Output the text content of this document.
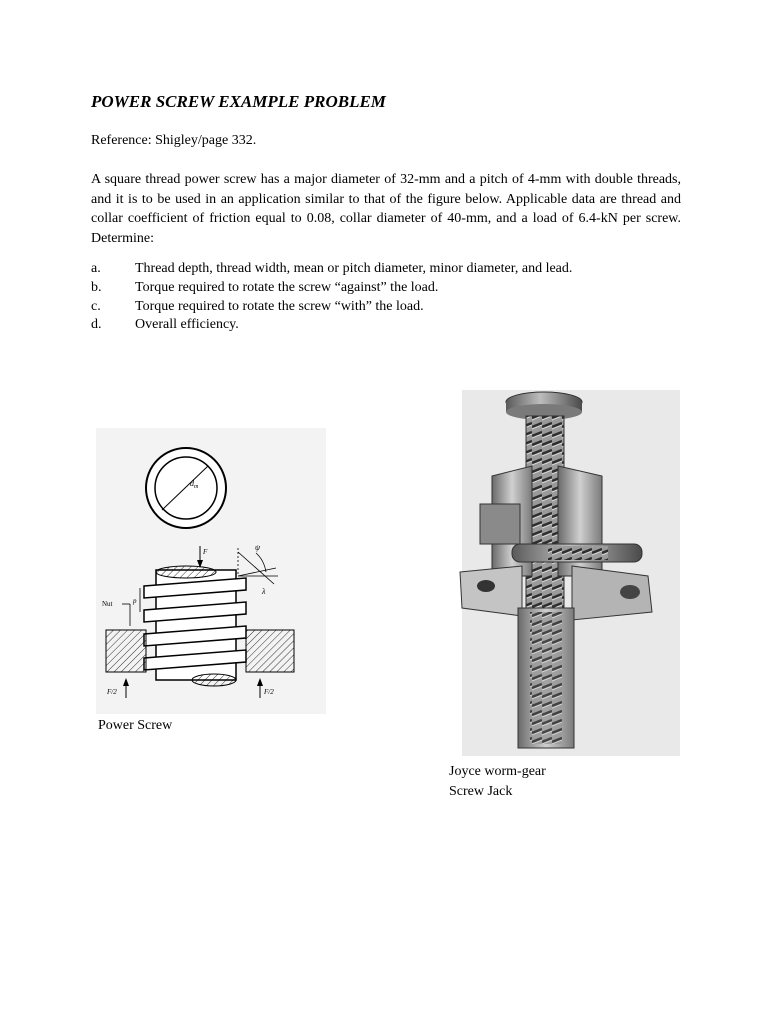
POWER SCREW EXAMPLE PROBLEM
Reference: Shigley/page 332.
A square thread power screw has a major diameter of 32-mm and a pitch of 4-mm with double threads, and it is to be used in an application similar to that of the figure below. Applicable data are thread and collar coefficient of friction equal to 0.08, collar diameter of 40-mm, and a load of 6.4-kN per screw. Determine:
a.	Thread depth, thread width, mean or pitch diameter, minor diameter, and lead.
b.	Torque required to rotate the screw “against” the load.
c.	Torque required to rotate the screw “with” the load.
d.	Overall efficiency.
$d_m$
F	ψ
λ
Nut	p
F/2	F/2
Power Screw
Joyce worm-gear
Screw Jack
